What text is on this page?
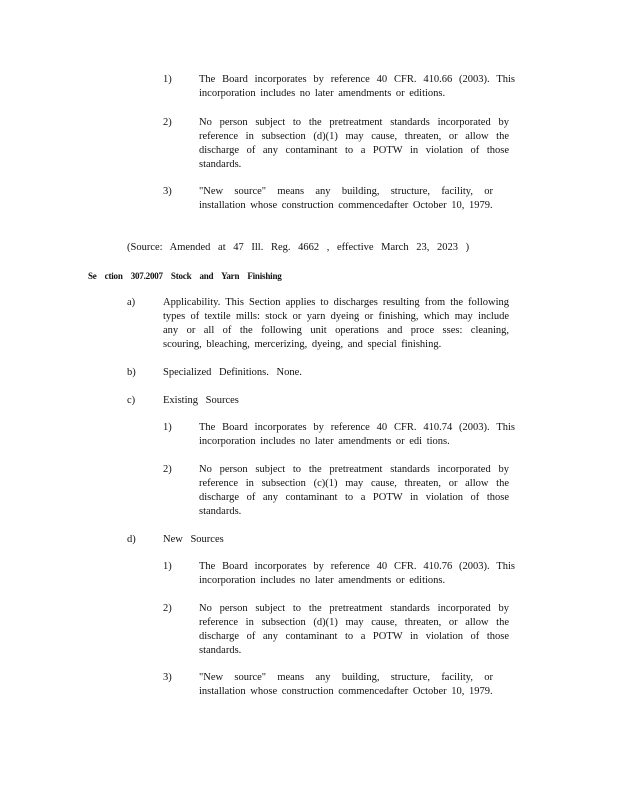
1)	The Board incorporates by reference 40 CFR. 410.66 (2003). This incorporation includes no later amendments or editions.
2)	No person subject to the pretreatment standards incorporated by reference in subsection (d)(1) may cause, threaten, or allow the discharge of any contaminant to a POTW in violation of those standards.
3)	"New source" means any building, structure, facility, or installation whose construction commencedafter October 10, 1979.
(Source: Amended at 47 Ill. Reg. 4662 , effective March 23, 2023 )
Se ction 307.2007 Stock and Yarn Finishing
a)	Applicability. This Section applies to discharges resulting from the following types of textile mills: stock or yarn dyeing or finishing, which may include any or all of the following unit operations and proce sses: cleaning, scouring, bleaching, mercerizing, dyeing, and special finishing.
b)	Specialized Definitions. None.
c)	Existing Sources
1)	The Board incorporates by reference 40 CFR. 410.74 (2003). This incorporation includes no later amendments or edi tions.
2)	No person subject to the pretreatment standards incorporated by reference in subsection (c)(1) may cause, threaten, or allow the discharge of any contaminant to a POTW in violation of those standards.
d)	New Sources
1)	The Board incorporates by reference 40 CFR. 410.76 (2003). This incorporation includes no later amendments or editions.
2)	No person subject to the pretreatment standards incorporated by reference in subsection (d)(1) may cause, threaten, or allow the discharge of any contaminant to a POTW in violation of those standards.
3)	"New source" means any building, structure, facility, or installation whose construction commencedafter October 10, 1979.
